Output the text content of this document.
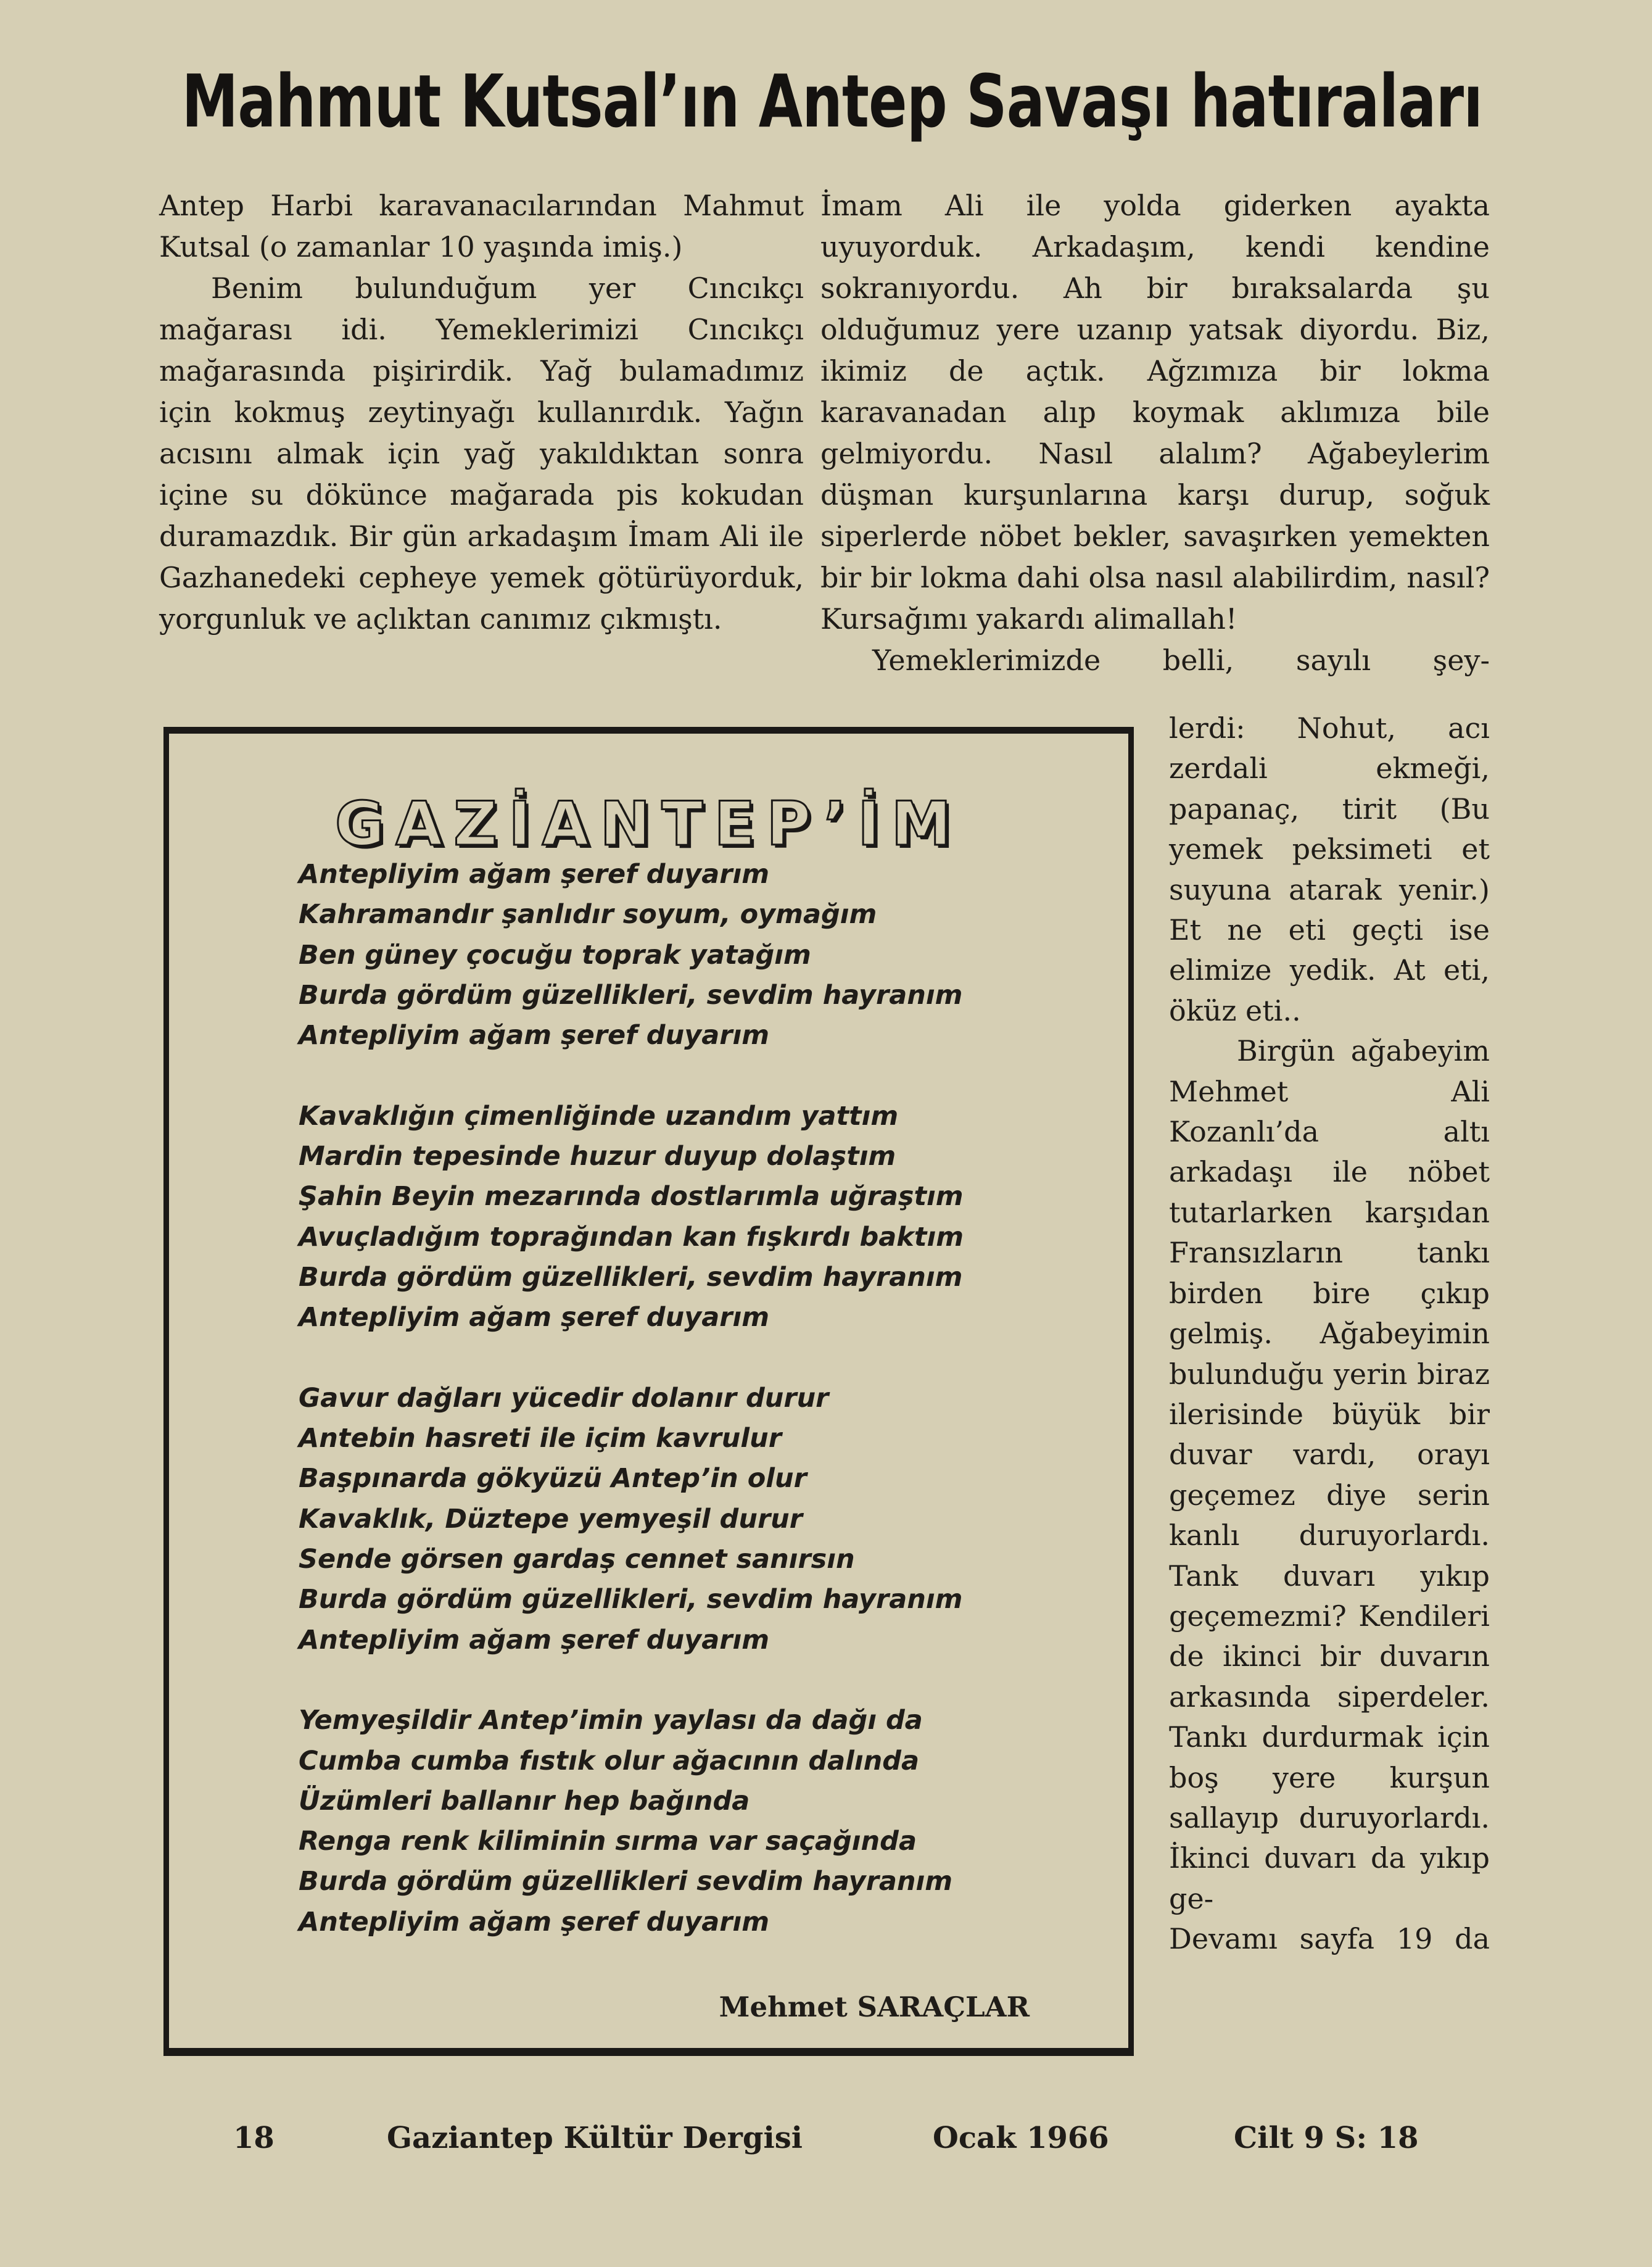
Mahmut Kutsal’ın Antep Savaşı hatıraları

Antep Harbi karavanacılarından Mahmut Kutsal (o zamanlar 10 yaşında imiş.)

Benim bulunduğum yer Cıncıkçı mağarası idi. Yemeklerimizi Cıncıkçı mağarasında pişirirdik. Yağ bulamadımız için kokmuş zeytinyağı kullanırdık. Yağın acısını almak için yağ yakıldıktan sonra içine su dökünce mağarada pis kokudan duramazdık. Bir gün arkadaşım İmam Ali ile Gazhanedeki cepheye yemek götürüyorduk, yorgunluk ve açlıktan canımız çıkmıştı.

İmam Ali ile yolda giderken ayakta uyuyorduk. Arkadaşım, kendi kendine sokranıyordu. Ah bir bıraksalarda şu olduğumuz yere uzanıp yatsak diyordu. Biz, ikimiz de açtık. Ağzımıza bir lokma karavanadan alıp koymak aklımıza bile gelmiyordu. Nasıl alalım? Ağabeylerim düşman kurşunlarına karşı durup, soğuk siperlerde nöbet bekler, savaşırken yemekten bir bir lokma dahi olsa nasıl alabilirdim, nasıl? Kursağımı yakardı alimallah!

Yemeklerimizde belli, sayılı şey-

GAZİANTEP’İM
Antepliyim ağam şeref duyarım
Kahramandır şanlıdır soyum, oymağım
Ben güney çocuğu toprak yatağım
Burda gördüm güzellikleri, sevdim hayranım
Antepliyim ağam şeref duyarım
Kavaklığın çimenliğinde uzandım yattım
Mardin tepesinde huzur duyup dolaştım
Şahin Beyin mezarında dostlarımla uğraştım
Avuçladığım toprağından kan fışkırdı baktım
Burda gördüm güzellikleri, sevdim hayranım
Antepliyim ağam şeref duyarım
Gavur dağları yücedir dolanır durur
Antebin hasreti ile içim kavrulur
Başpınarda gökyüzü Antep’in olur
Kavaklık, Düztepe yemyeşil durur
Sende görsen gardaş cennet sanırsın
Burda gördüm güzellikleri, sevdim hayranım
Antepliyim ağam şeref duyarım
Yemyeşildir Antep’imin yaylası da dağı da
Cumba cumba fıstık olur ağacının dalında
Üzümleri ballanır hep bağında
Renga renk kiliminin sırma var saçağında
Burda gördüm güzellikleri sevdim hayranım
Antepliyim ağam şeref duyarım
Mehmet SARAÇLAR

lerdi: Nohut, acı zerdali ekmeği, papanaç, tirit (Bu yemek peksimeti et suyuna atarak yenir.) Et ne eti geçti ise elimize yedik. At eti, öküz eti..

Birgün ağabeyim Mehmet Ali Kozanlı’da altı arkadaşı ile nöbet tutarlarken karşıdan Fransızların tankı birden bire çıkıp gelmiş. Ağabeyimin bulunduğu yerin biraz ilerisinde büyük bir duvar vardı, orayı geçemez diye serin kanlı duruyorlardı. Tank duvarı yıkıp geçemezmi? Kendileri de ikinci bir duvarın arkasında siperdeler. Tankı durdurmak için boş yere kurşun sallayıp duruyorlardı. İkinci duvarı da yıkıp ge-

Devamı sayfa 19 da

18	Gaziantep Kültür Dergisi	Ocak 1966	Cilt 9 S: 18
